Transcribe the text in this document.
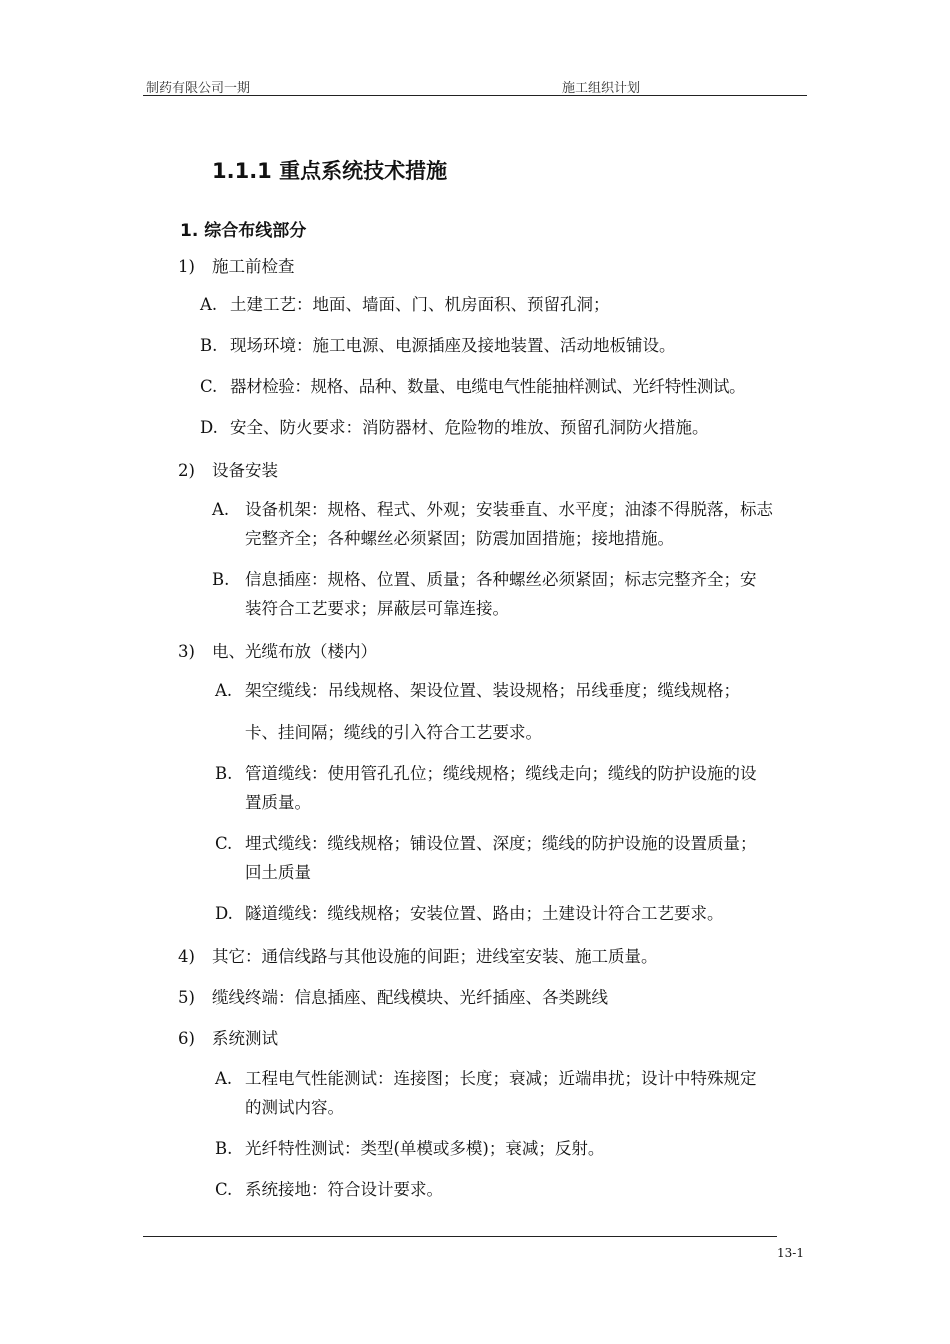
制药有限公司一期	施工组织计划
1.1.1 重点系统技术措施
1. 综合布线部分
1) 施工前检查
A. 土建工艺：地面、墙面、门、机房面积、预留孔洞；
B. 现场环境：施工电源、电源插座及接地装置、活动地板铺设。
C. 器材检验：规格、品种、数量、电缆电气性能抽样测试、光纤特性测试。
D. 安全、防火要求：消防器材、危险物的堆放、预留孔洞防火措施。
2) 设备安装
A. 设备机架：规格、程式、外观；安装垂直、水平度；油漆不得脱落，标志
完整齐全；各种螺丝必须紧固；防震加固措施；接地措施。
B. 信息插座：规格、位置、质量；各种螺丝必须紧固；标志完整齐全；安
装符合工艺要求；屏蔽层可靠连接。
3) 电、光缆布放（楼内）
A. 架空缆线：吊线规格、架设位置、装设规格；吊线垂度；缆线规格；
卡、挂间隔；缆线的引入符合工艺要求。
B. 管道缆线：使用管孔孔位；缆线规格；缆线走向；缆线的防护设施的设
置质量。
C. 埋式缆线：缆线规格；铺设位置、深度；缆线的防护设施的设置质量；
回土质量
D. 隧道缆线：缆线规格；安装位置、路由；土建设计符合工艺要求。
4) 其它：通信线路与其他设施的间距；进线室安装、施工质量。
5) 缆线终端：信息插座、配线模块、光纤插座、各类跳线
6) 系统测试
A. 工程电气性能测试：连接图；长度；衰减；近端串扰；设计中特殊规定
的测试内容。
B. 光纤特性测试：类型(单模或多模)；衰减；反射。
C. 系统接地：符合设计要求。
13-1
